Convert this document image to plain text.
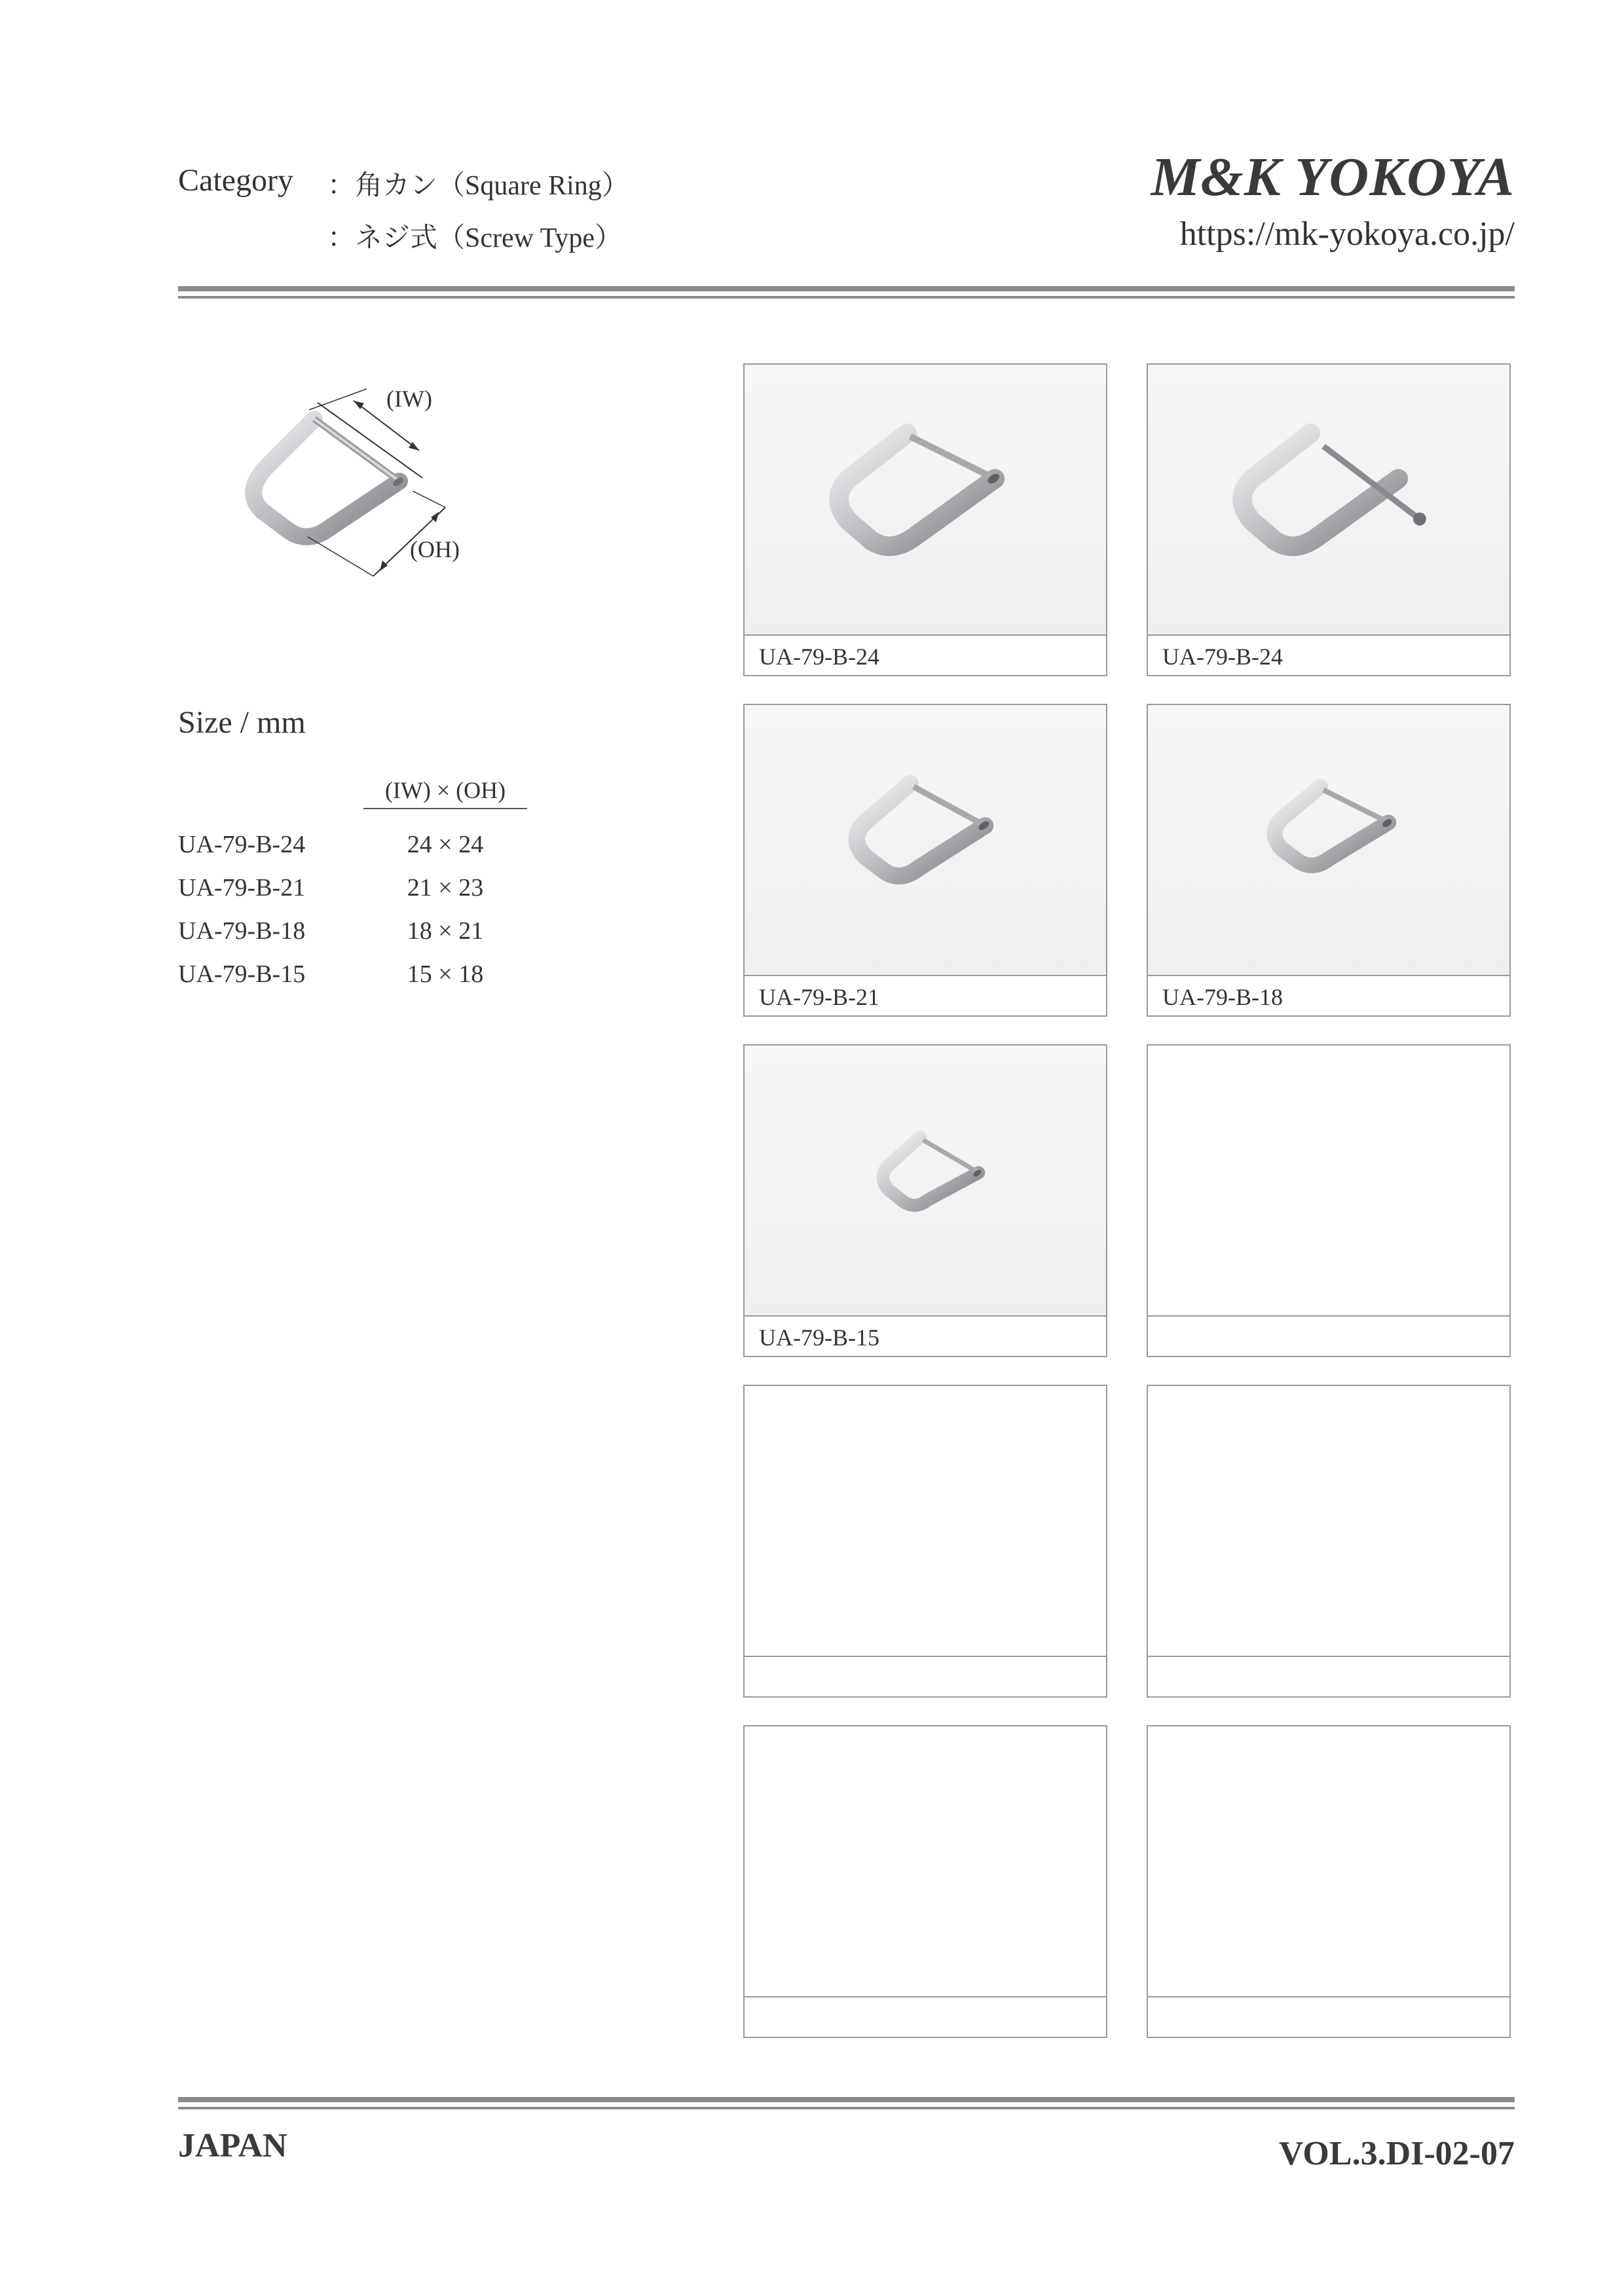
Category ：角カン（Square Ring）
：ネジ式（Screw Type）
M&K YOKOYA
https://mk-yokoya.co.jp/
(IW)
(OH)
Size / mm
(IW) × (OH)
UA-79-B-24	24 × 24
UA-79-B-21	21 × 23
UA-79-B-18	18 × 21
UA-79-B-15	15 × 18
UA-79-B-24	UA-79-B-24
UA-79-B-21	UA-79-B-18
UA-79-B-15
JAPAN	VOL.3.DI-02-07
